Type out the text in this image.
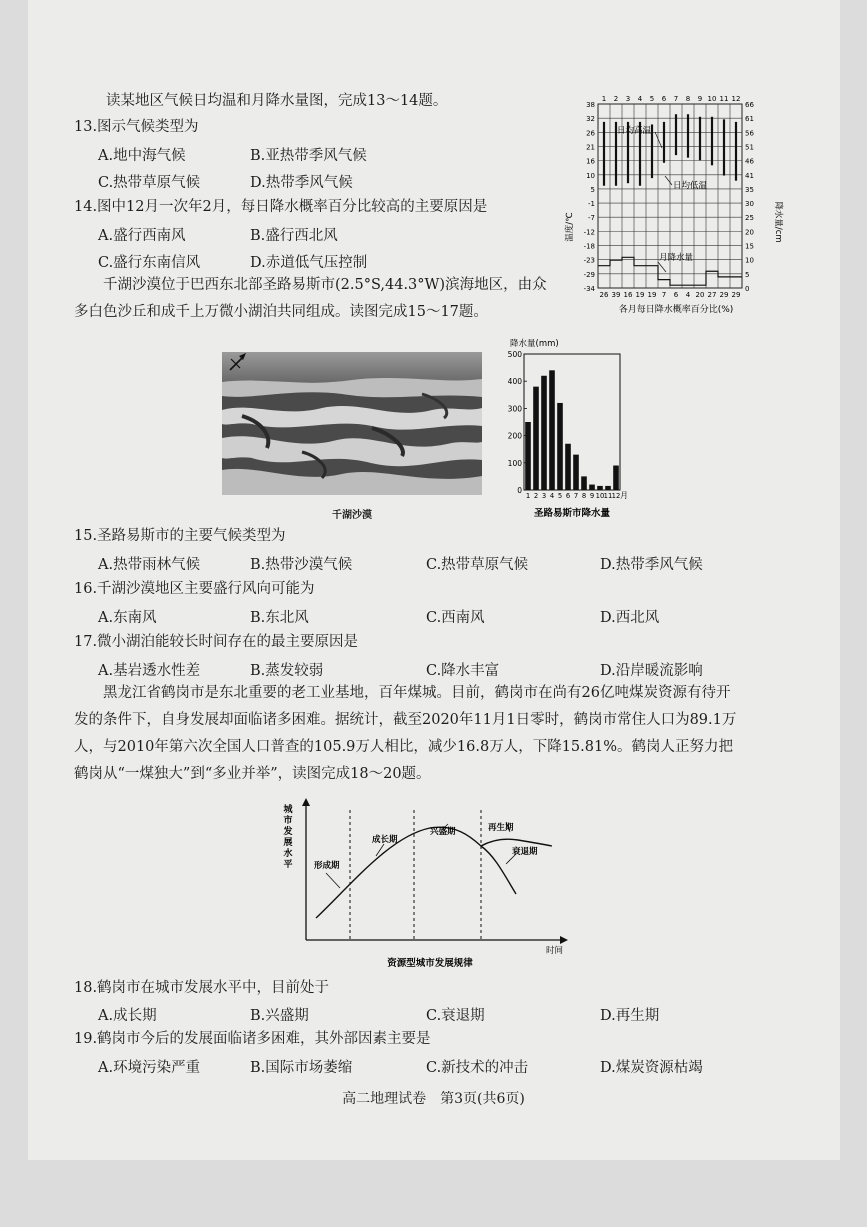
读某地区气候日均温和月降水量图，完成13～14题。
13.图示气候类型为
A.地中海气候	B.亚热带季风气候
C.热带草原气候	D.热带季风气候
14.图中12月一次年2月，每日降水概率百分比较高的主要原因是
A.盛行西南风	B.盛行西北风
C.盛行东南信风	D.赤道低气压控制
千湖沙漠位于巴西东北部圣路易斯市(2.5°S,44.3°W)滨海地区，由众多白色沙丘和成千上万微小湖泊共同组成。读图完成15～17题。
38
32
26
21
16
10
5
-1
-7
-12
-18
-23
-29
-34
66
61
56
51
46
41
35
30
25
20
15
10
5
0
1 2 3 4 5 6 7 8 9 10 11 12
26 39 16 19 19 7 6 4 20 27 29 29
温度/℃	降水量/cm
日均高温
日均低温
月降水量
各月每日降水概率百分比(%)
千湖沙漠
0
100
200
300
400
500
1 2 3 4 5 6 7 8 9 10 11 12
降水量(mm)
月
圣路易斯市降水量
15.圣路易斯市的主要气候类型为
A.热带雨林气候	B.热带沙漠气候	C.热带草原气候	D.热带季风气候
16.千湖沙漠地区主要盛行风向可能为
A.东南风	B.东北风	C.西南风	D.西北风
17.微小湖泊能较长时间存在的最主要原因是
A.基岩透水性差	B.蒸发较弱	C.降水丰富	D.沿岸暖流影响
黑龙江省鹤岗市是东北重要的老工业基地，百年煤城。目前，鹤岗市在尚有26亿吨煤炭资源有待开发的条件下，自身发展却面临诸多困难。据统计，截至2020年11月1日零时，鹤岗市常住人口为89.1万人，与2010年第六次全国人口普查的105.9万人相比，减少16.8万人，下降15.81%。鹤岗人正努力把鹤岗从“一煤独大”到“多业并举”，读图完成18～20题。
城
市
发
展
水
平	形成期
成长期
兴盛期	再生期
衰退期
时间
资源型城市发展规律
18.鹤岗市在城市发展水平中，目前处于
A.成长期	B.兴盛期	C.衰退期	D.再生期
19.鹤岗市今后的发展面临诸多困难，其外部因素主要是
A.环境污染严重	B.国际市场萎缩	C.新技术的冲击	D.煤炭资源枯竭
高二地理试卷　第3页(共6页)
